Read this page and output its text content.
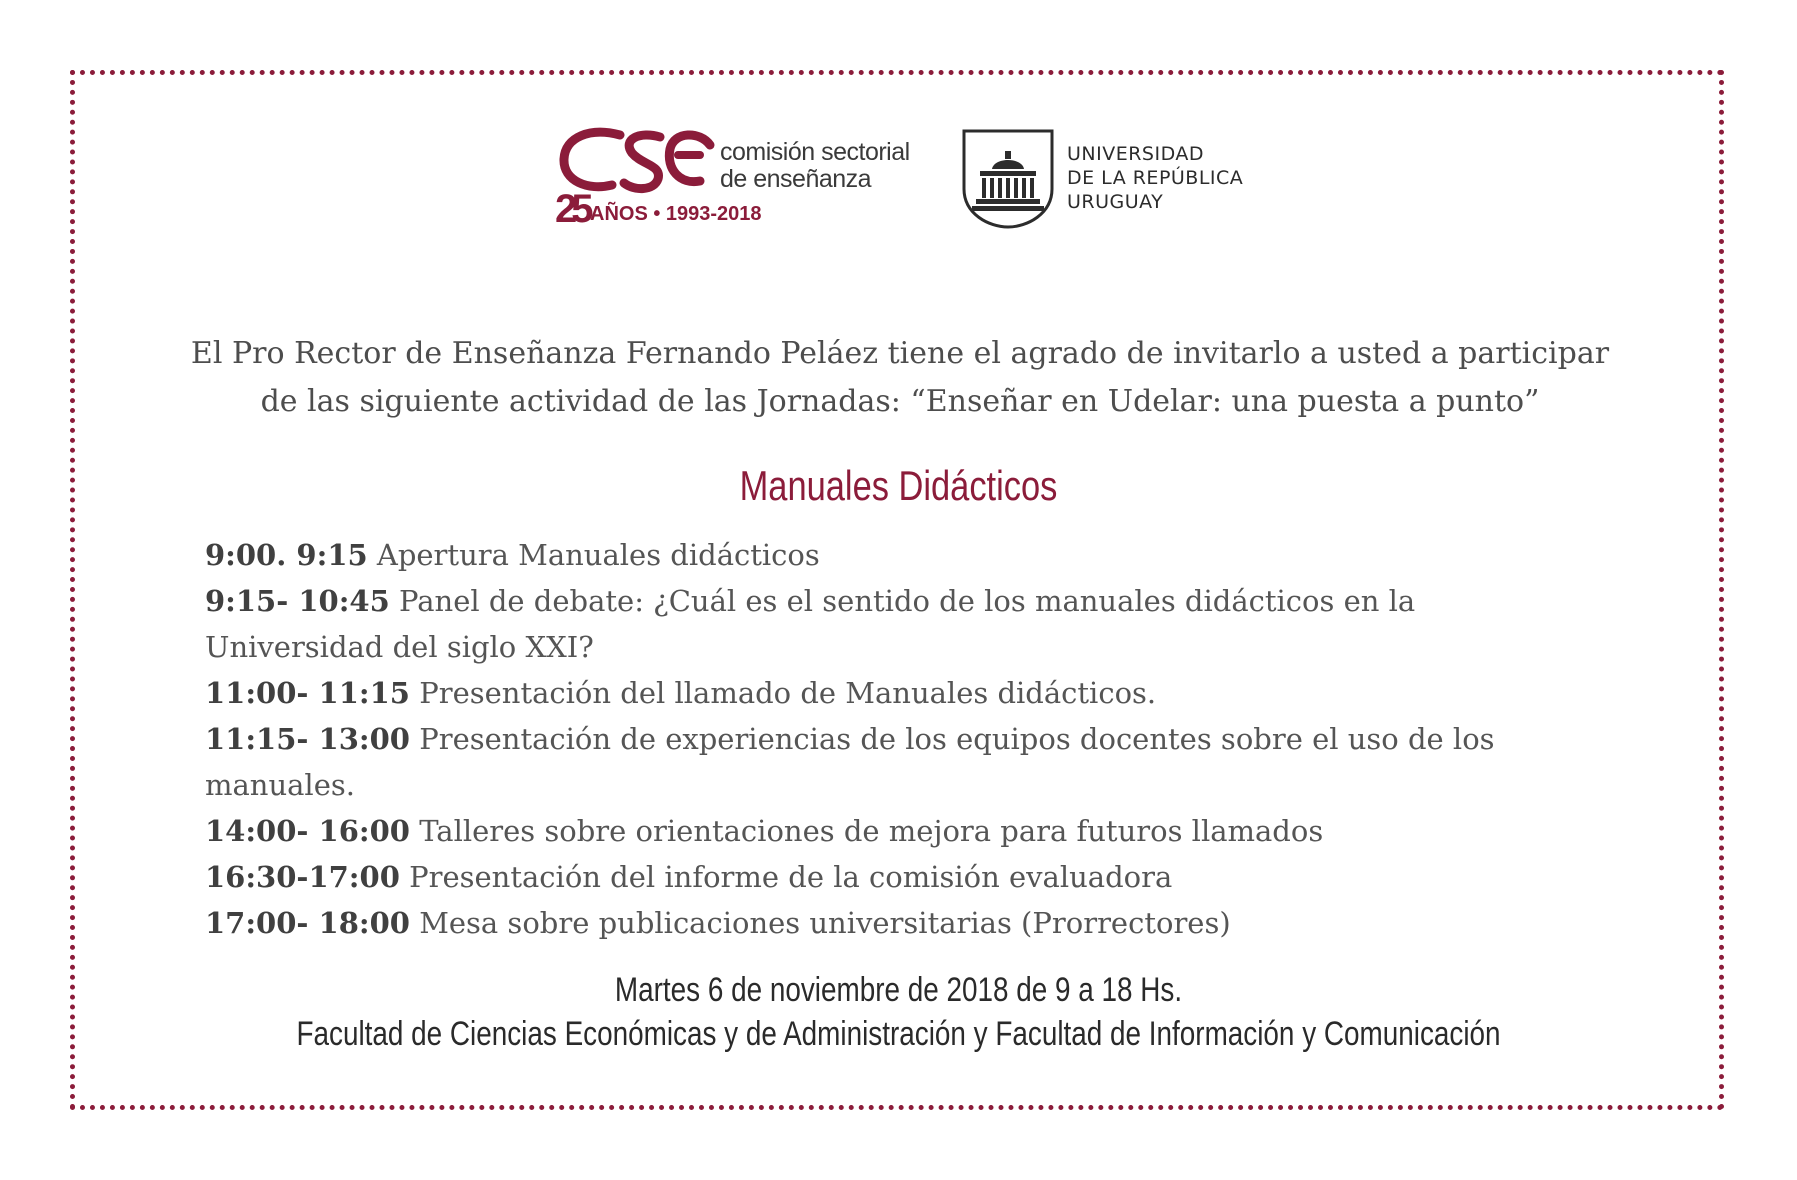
comisión sectorial
de enseñanza
25 AÑOS • 1993-2018
UNIVERSIDAD
DE LA REPÚBLICA
URUGUAY
El Pro Rector de Enseñanza Fernando Peláez tiene el agrado de invitarlo a usted a participar
de las siguiente actividad de las Jornadas: “Enseñar en Udelar: una puesta a punto”
Manuales Didácticos

9:00. 9:15 Apertura Manuales didácticos

9:15- 10:45 Panel de debate: ¿Cuál es el sentido de los manuales didácticos en la Universidad del siglo XXI?

11:00- 11:15 Presentación del llamado de Manuales didácticos.

11:15- 13:00 Presentación de experiencias de los equipos docentes sobre el uso de los manuales.

14:00- 16:00 Talleres sobre orientaciones de mejora para futuros llamados

16:30-17:00 Presentación del informe de la comisión evaluadora

17:00- 18:00 Mesa sobre publicaciones universitarias (Prorrectores)

Martes 6 de noviembre de 2018 de 9 a 18 Hs.
Facultad de Ciencias Económicas y de Administración y Facultad de Información y Comunicación
